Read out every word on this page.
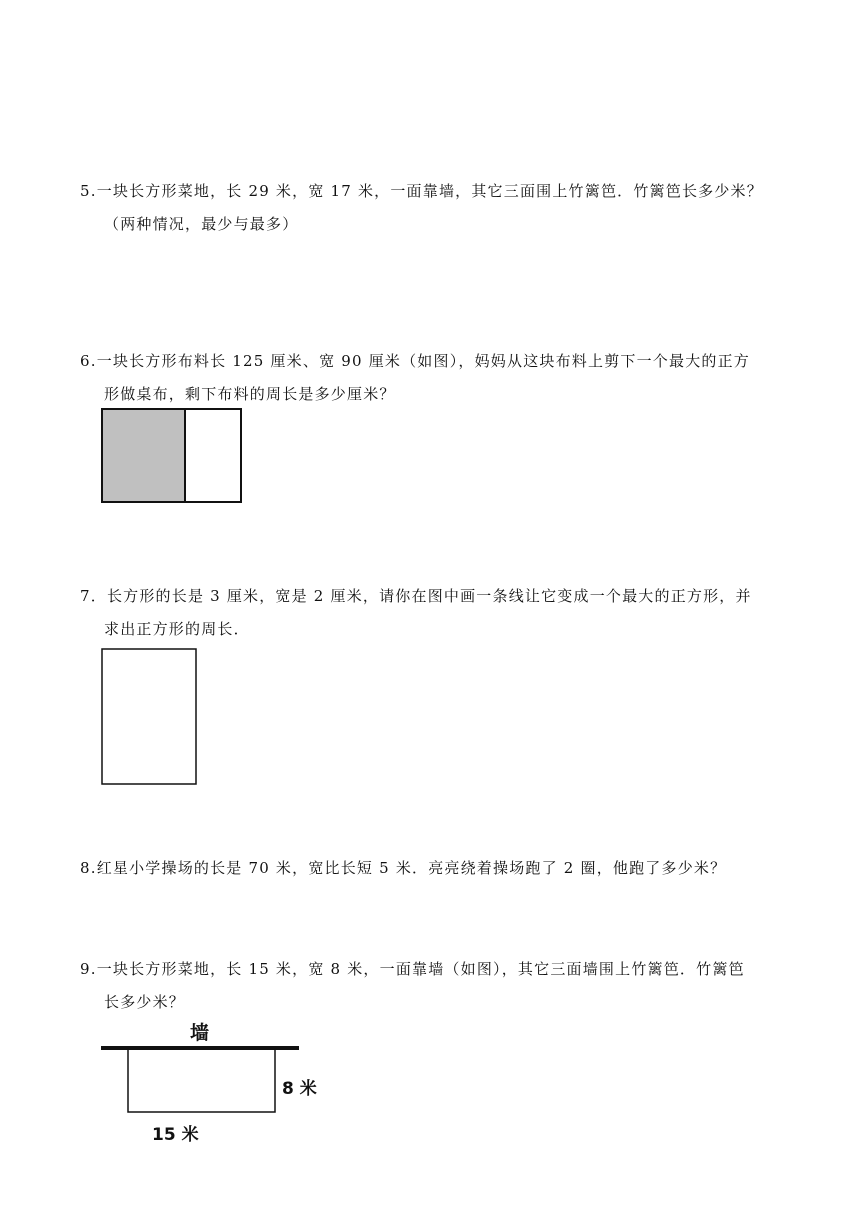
5.一块长方形菜地，长 29 米，宽 17 米，一面靠墙，其它三面围上竹篱笆．竹篱笆长多少米？
（两种情况，最少与最多）
6.一块长方形布料长 125 厘米、宽 90 厘米（如图），妈妈从这块布料上剪下一个最大的正方
形做桌布，剩下布料的周长是多少厘米？
7．长方形的长是 3 厘米，宽是 2 厘米，请你在图中画一条线让它变成一个最大的正方形，并
求出正方形的周长．
8.红星小学操场的长是 70 米，宽比长短 5 米．亮亮绕着操场跑了 2 圈，他跑了多少米？
9.一块长方形菜地，长 15 米，宽 8 米，一面靠墙（如图），其它三面墙围上竹篱笆．竹篱笆
长多少米？
墙
8 米
15 米
